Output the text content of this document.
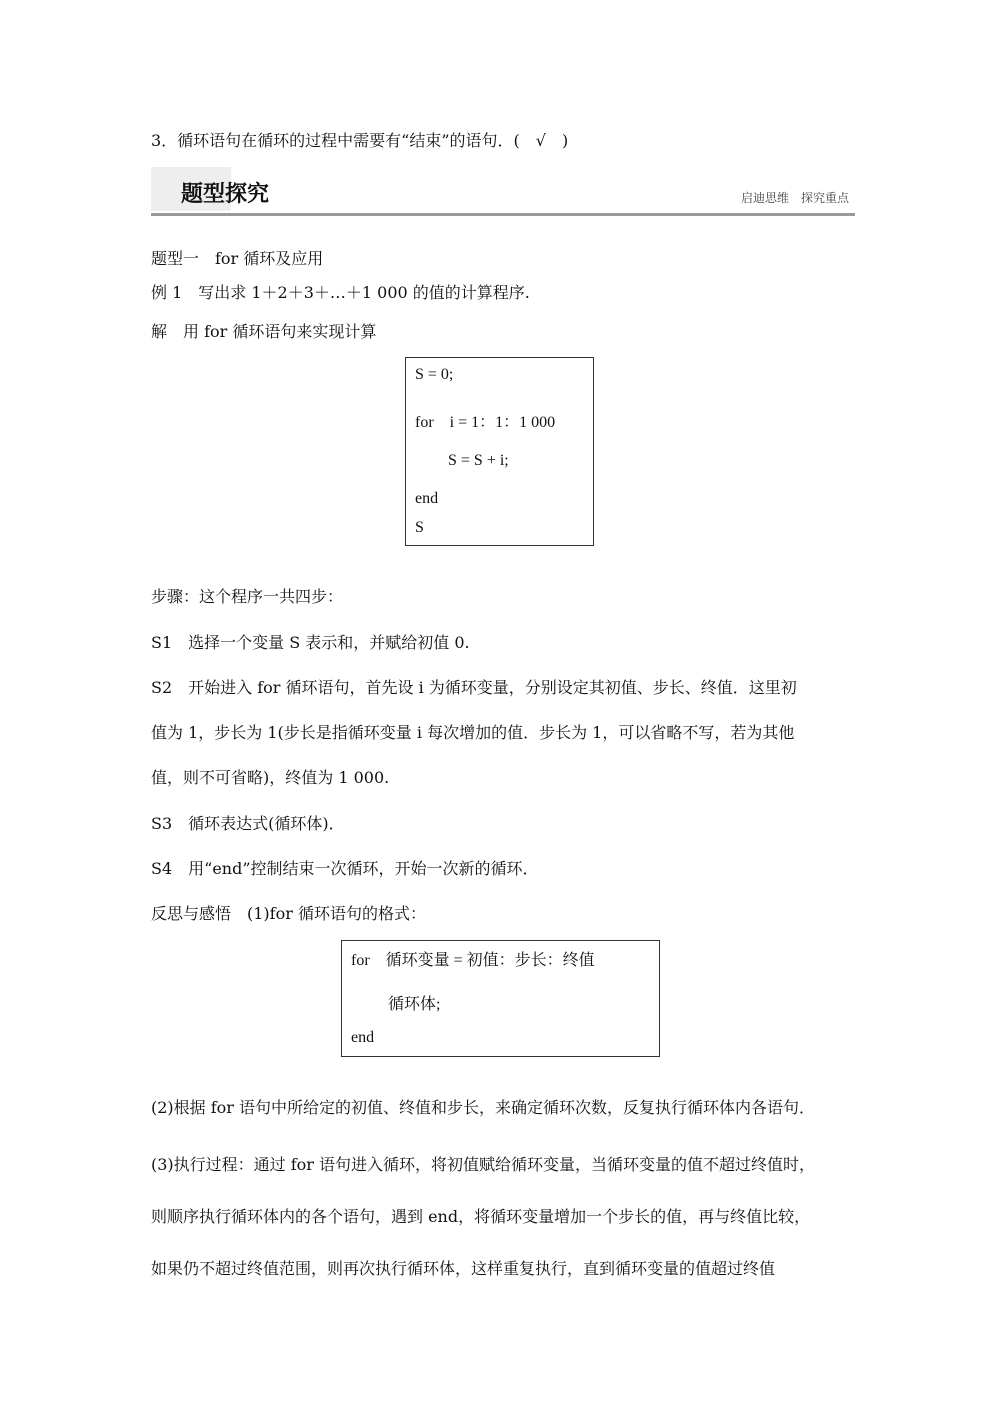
3．循环语句在循环的过程中需要有“结束”的语句．(　√　)
题型探究	启迪思维　探究重点
题型一　for 循环及应用
例 1　写出求 1＋2＋3＋…＋1 000 的值的计算程序.
解　用 for 循环语句来实现计算
S = 0;
for　i = 1：1：1 000
S = S + i;
end
S
步骤：这个程序一共四步：
S1　选择一个变量 S 表示和，并赋给初值 0.
S2　开始进入 for 循环语句，首先设 i 为循环变量，分别设定其初值、步长、终值．这里初
值为 1，步长为 1(步长是指循环变量 i 每次增加的值．步长为 1，可以省略不写，若为其他
值，则不可省略)，终值为 1 000.
S3　循环表达式(循环体)．
S4　用“end”控制结束一次循环，开始一次新的循环．
反思与感悟　(1)for 循环语句的格式：
for　循环变量 = 初值：步长：终值
循环体;
end
(2)根据 for 语句中所给定的初值、终值和步长，来确定循环次数，反复执行循环体内各语句．
(3)执行过程：通过 for 语句进入循环，将初值赋给循环变量，当循环变量的值不超过终值时，
则顺序执行循环体内的各个语句，遇到 end，将循环变量增加一个步长的值，再与终值比较，
如果仍不超过终值范围，则再次执行循环体，这样重复执行，直到循环变量的值超过终值
